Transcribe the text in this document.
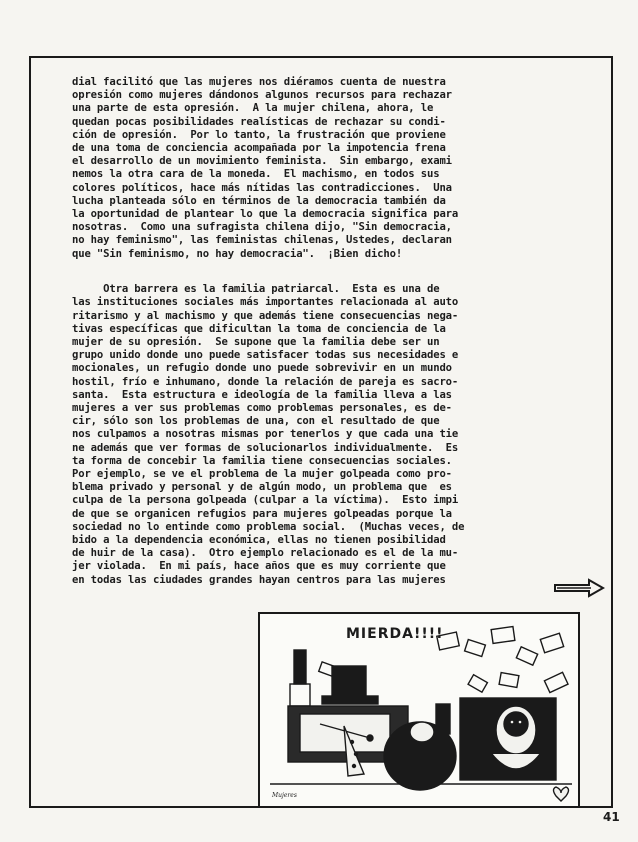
dial facilitó que las mujeres nos diéramos cuenta de nuestra
opresión como mujeres dándonos algunos recursos para rechazar
una parte de esta opresión.  A la mujer chilena, ahora, le
quedan pocas posibilidades realísticas de rechazar su condi-
ción de opresión.  Por lo tanto, la frustración que proviene
de una toma de conciencia acompañada por la impotencia frena
el desarrollo de un movimiento feminista.  Sin embargo, exami
nemos la otra cara de la moneda.  El machismo, en todos sus
colores políticos, hace más nítidas las contradicciones.  Una
lucha planteada sólo en términos de la democracia también da
la oportunidad de plantear lo que la democracia significa para
nosotras.  Como una sufragista chilena dijo, "Sin democracia,
no hay feminismo", las feministas chilenas, Ustedes, declaran
que "Sin feminismo, no hay democracia".  ¡Bien dicho!
Otra barrera es la familia patriarcal.  Esta es una de
las instituciones sociales más importantes relacionada al auto
ritarismo y al machismo y que además tiene consecuencias nega-
tivas específicas que dificultan la toma de conciencia de la
mujer de su opresión.  Se supone que la familia debe ser un
grupo unido donde uno puede satisfacer todas sus necesidades e
mocionales, un refugio donde uno puede sobrevivir en un mundo
hostil, frío e inhumano, donde la relación de pareja es sacro-
santa.  Esta estructura e ideología de la familia lleva a las
mujeres a ver sus problemas como problemas personales, es de-
cir, sólo son los problemas de una, con el resultado de que
nos culpamos a nosotras mismas por tenerlos y que cada una tie
ne además que ver formas de solucionarlos individualmente.  Es
ta forma de concebir la familia tiene consecuencias sociales.
Por ejemplo, se ve el problema de la mujer golpeada como pro-
blema privado y personal y de algún modo, un problema que  es
culpa de la persona golpeada (culpar a la víctima).  Esto impi
de que se organicen refugios para mujeres golpeadas porque la
sociedad no lo entinde como problema social.  (Muchas veces, de
bido a la dependencia económica, ellas no tienen posibilidad
de huir de la casa).  Otro ejemplo relacionado es el de la mu-
jer violada.  En mi país, hace años que es muy corriente que
en todas las ciudades grandes hayan centros para las mujeres
MIERDA!!!!
Mujeres
41
